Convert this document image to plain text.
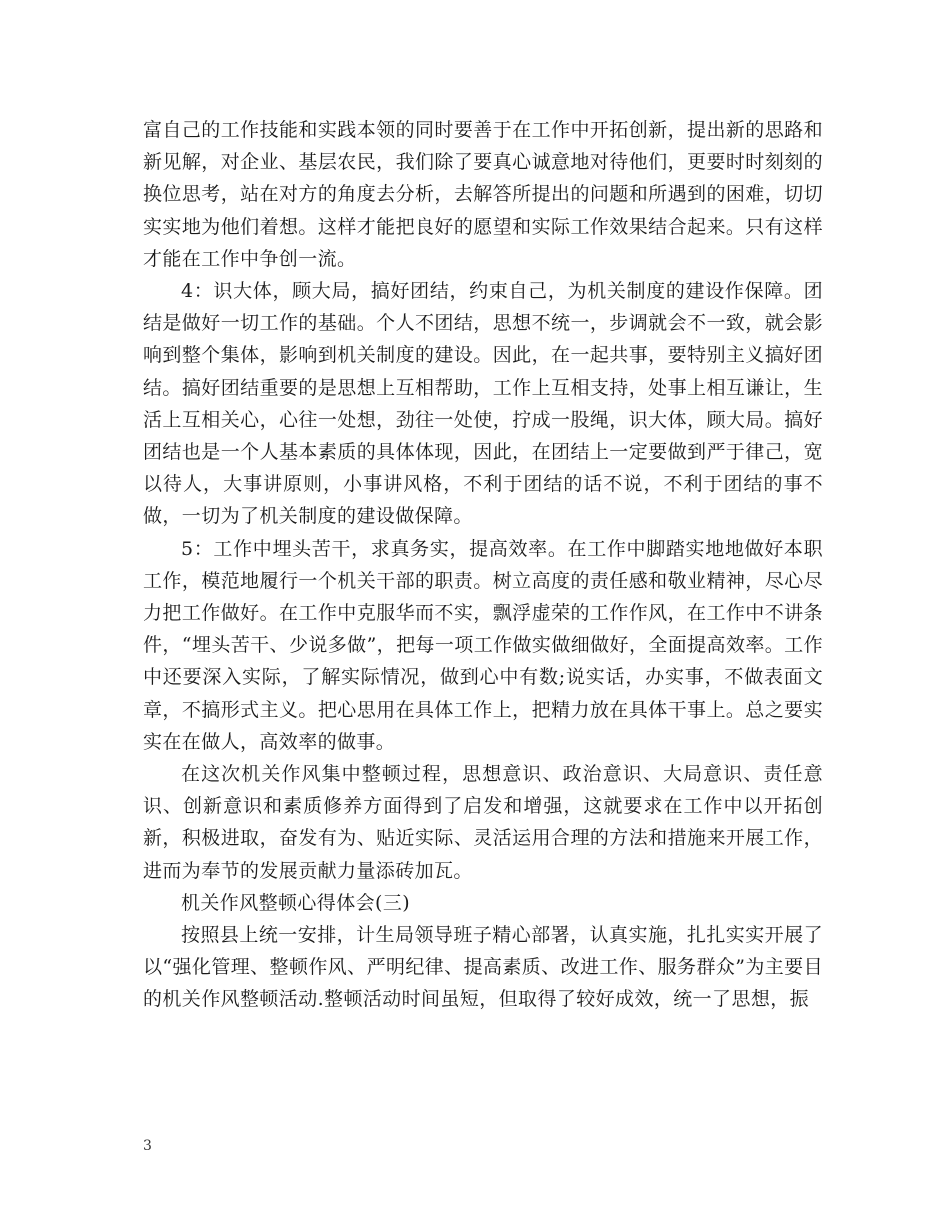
富自己的工作技能和实践本领的同时要善于在工作中开拓创新，提出新的思路和新见解，对企业、基层农民，我们除了要真心诚意地对待他们，更要时时刻刻的换位思考，站在对方的角度去分析，去解答所提出的问题和所遇到的困难，切切实实地为他们着想。这样才能把良好的愿望和实际工作效果结合起来。只有这样才能在工作中争创一流。

4：识大体，顾大局，搞好团结，约束自己，为机关制度的建设作保障。团结是做好一切工作的基础。个人不团结，思想不统一，步调就会不一致，就会影响到整个集体，影响到机关制度的建设。因此，在一起共事，要特别主义搞好团结。搞好团结重要的是思想上互相帮助，工作上互相支持，处事上相互谦让，生活上互相关心，心往一处想，劲往一处使，拧成一股绳，识大体，顾大局。搞好团结也是一个人基本素质的具体体现，因此，在团结上一定要做到严于律己，宽以待人，大事讲原则，小事讲风格，不利于团结的话不说，不利于团结的事不做，一切为了机关制度的建设做保障。

5：工作中埋头苦干，求真务实，提高效率。在工作中脚踏实地地做好本职工作，模范地履行一个机关干部的职责。树立高度的责任感和敬业精神，尽心尽力把工作做好。在工作中克服华而不实，飘浮虚荣的工作作风，在工作中不讲条件，“埋头苦干、少说多做”，把每一项工作做实做细做好，全面提高效率。工作中还要深入实际，了解实际情况，做到心中有数;说实话，办实事，不做表面文章，不搞形式主义。把心思用在具体工作上，把精力放在具体干事上。总之要实实在在做人，高效率的做事。

在这次机关作风集中整顿过程，思想意识、政治意识、大局意识、责任意识、创新意识和素质修养方面得到了启发和增强，这就要求在工作中以开拓创新，积极进取，奋发有为、贴近实际、灵活运用合理的方法和措施来开展工作，进而为奉节的发展贡献力量添砖加瓦。

机关作风整顿心得体会(三)

按照县上统一安排，计生局领导班子精心部署，认真实施，扎扎实实开展了以“强化管理、整顿作风、严明纪律、提高素质、改进工作、服务群众”为主要目的机关作风整顿活动.整顿活动时间虽短，但取得了较好成效，统一了思想，振

3
